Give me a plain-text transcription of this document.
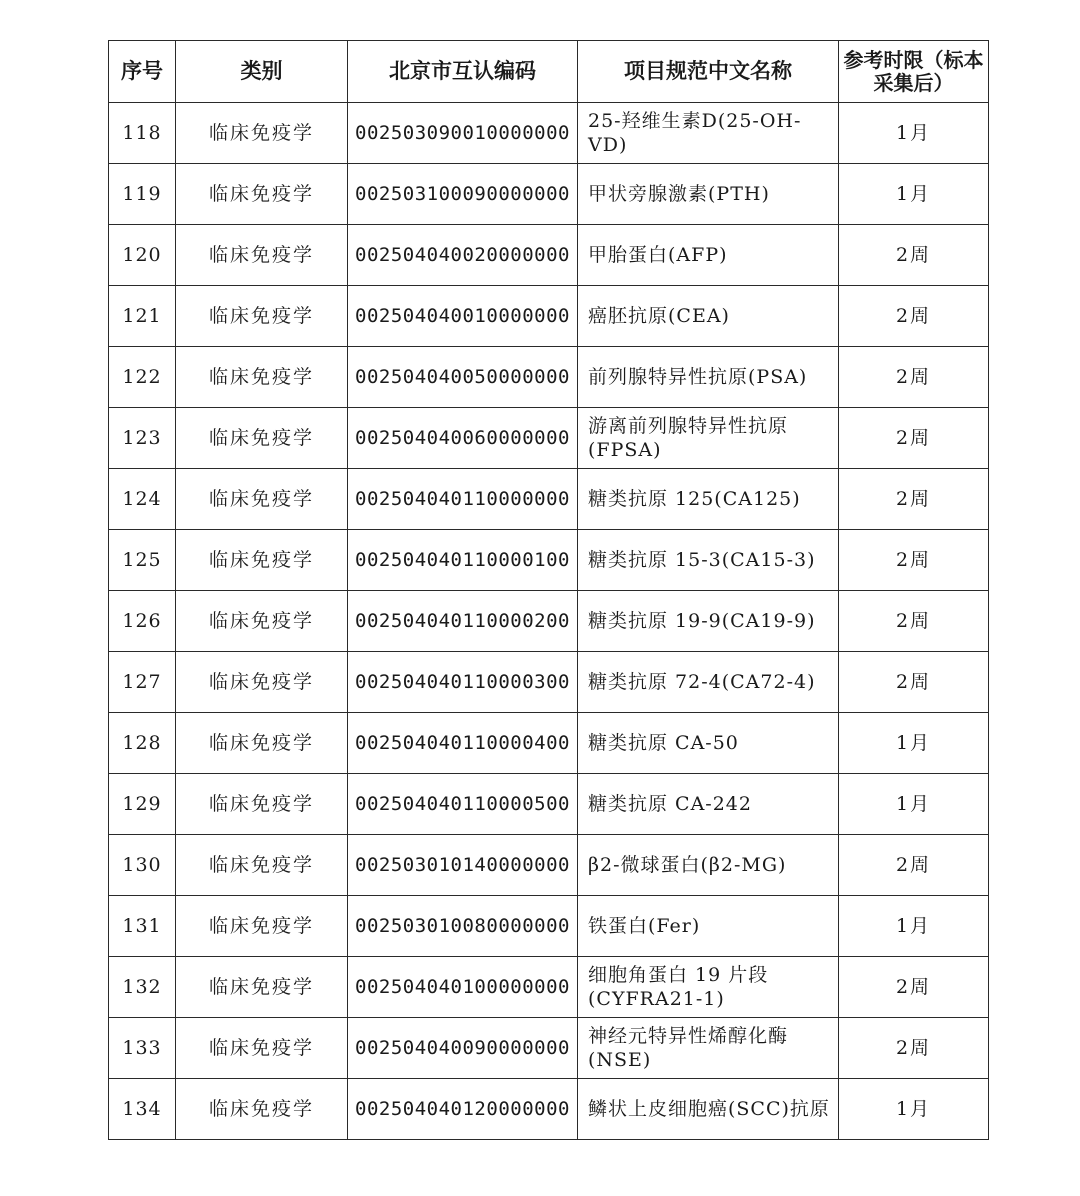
序号	类别	北京市互认编码	项目规范中文名称	参考时限（标本采集后）
118	临床免疫学	002503090010000000	25-羟维生素D(25-OH-VD)	1月
119	临床免疫学	002503100090000000	甲状旁腺激素(PTH)	1月
120	临床免疫学	002504040020000000	甲胎蛋白(AFP)	2周
121	临床免疫学	002504040010000000	癌胚抗原(CEA)	2周
122	临床免疫学	002504040050000000	前列腺特异性抗原(PSA)	2周
123	临床免疫学	002504040060000000	游离前列腺特异性抗原(FPSA)	2周
124	临床免疫学	002504040110000000	糖类抗原 125(CA125)	2周
125	临床免疫学	002504040110000100	糖类抗原 15-3(CA15-3)	2周
126	临床免疫学	002504040110000200	糖类抗原 19-9(CA19-9)	2周
127	临床免疫学	002504040110000300	糖类抗原 72-4(CA72-4)	2周
128	临床免疫学	002504040110000400	糖类抗原 CA-50	1月
129	临床免疫学	002504040110000500	糖类抗原 CA-242	1月
130	临床免疫学	002503010140000000	β2-微球蛋白(β2-MG)	2周
131	临床免疫学	002503010080000000	铁蛋白(Fer)	1月
132	临床免疫学	002504040100000000	细胞角蛋白 19 片段(CYFRA21-1)	2周
133	临床免疫学	002504040090000000	神经元特异性烯醇化酶(NSE)	2周
134	临床免疫学	002504040120000000	鳞状上皮细胞癌(SCC)抗原	1月
